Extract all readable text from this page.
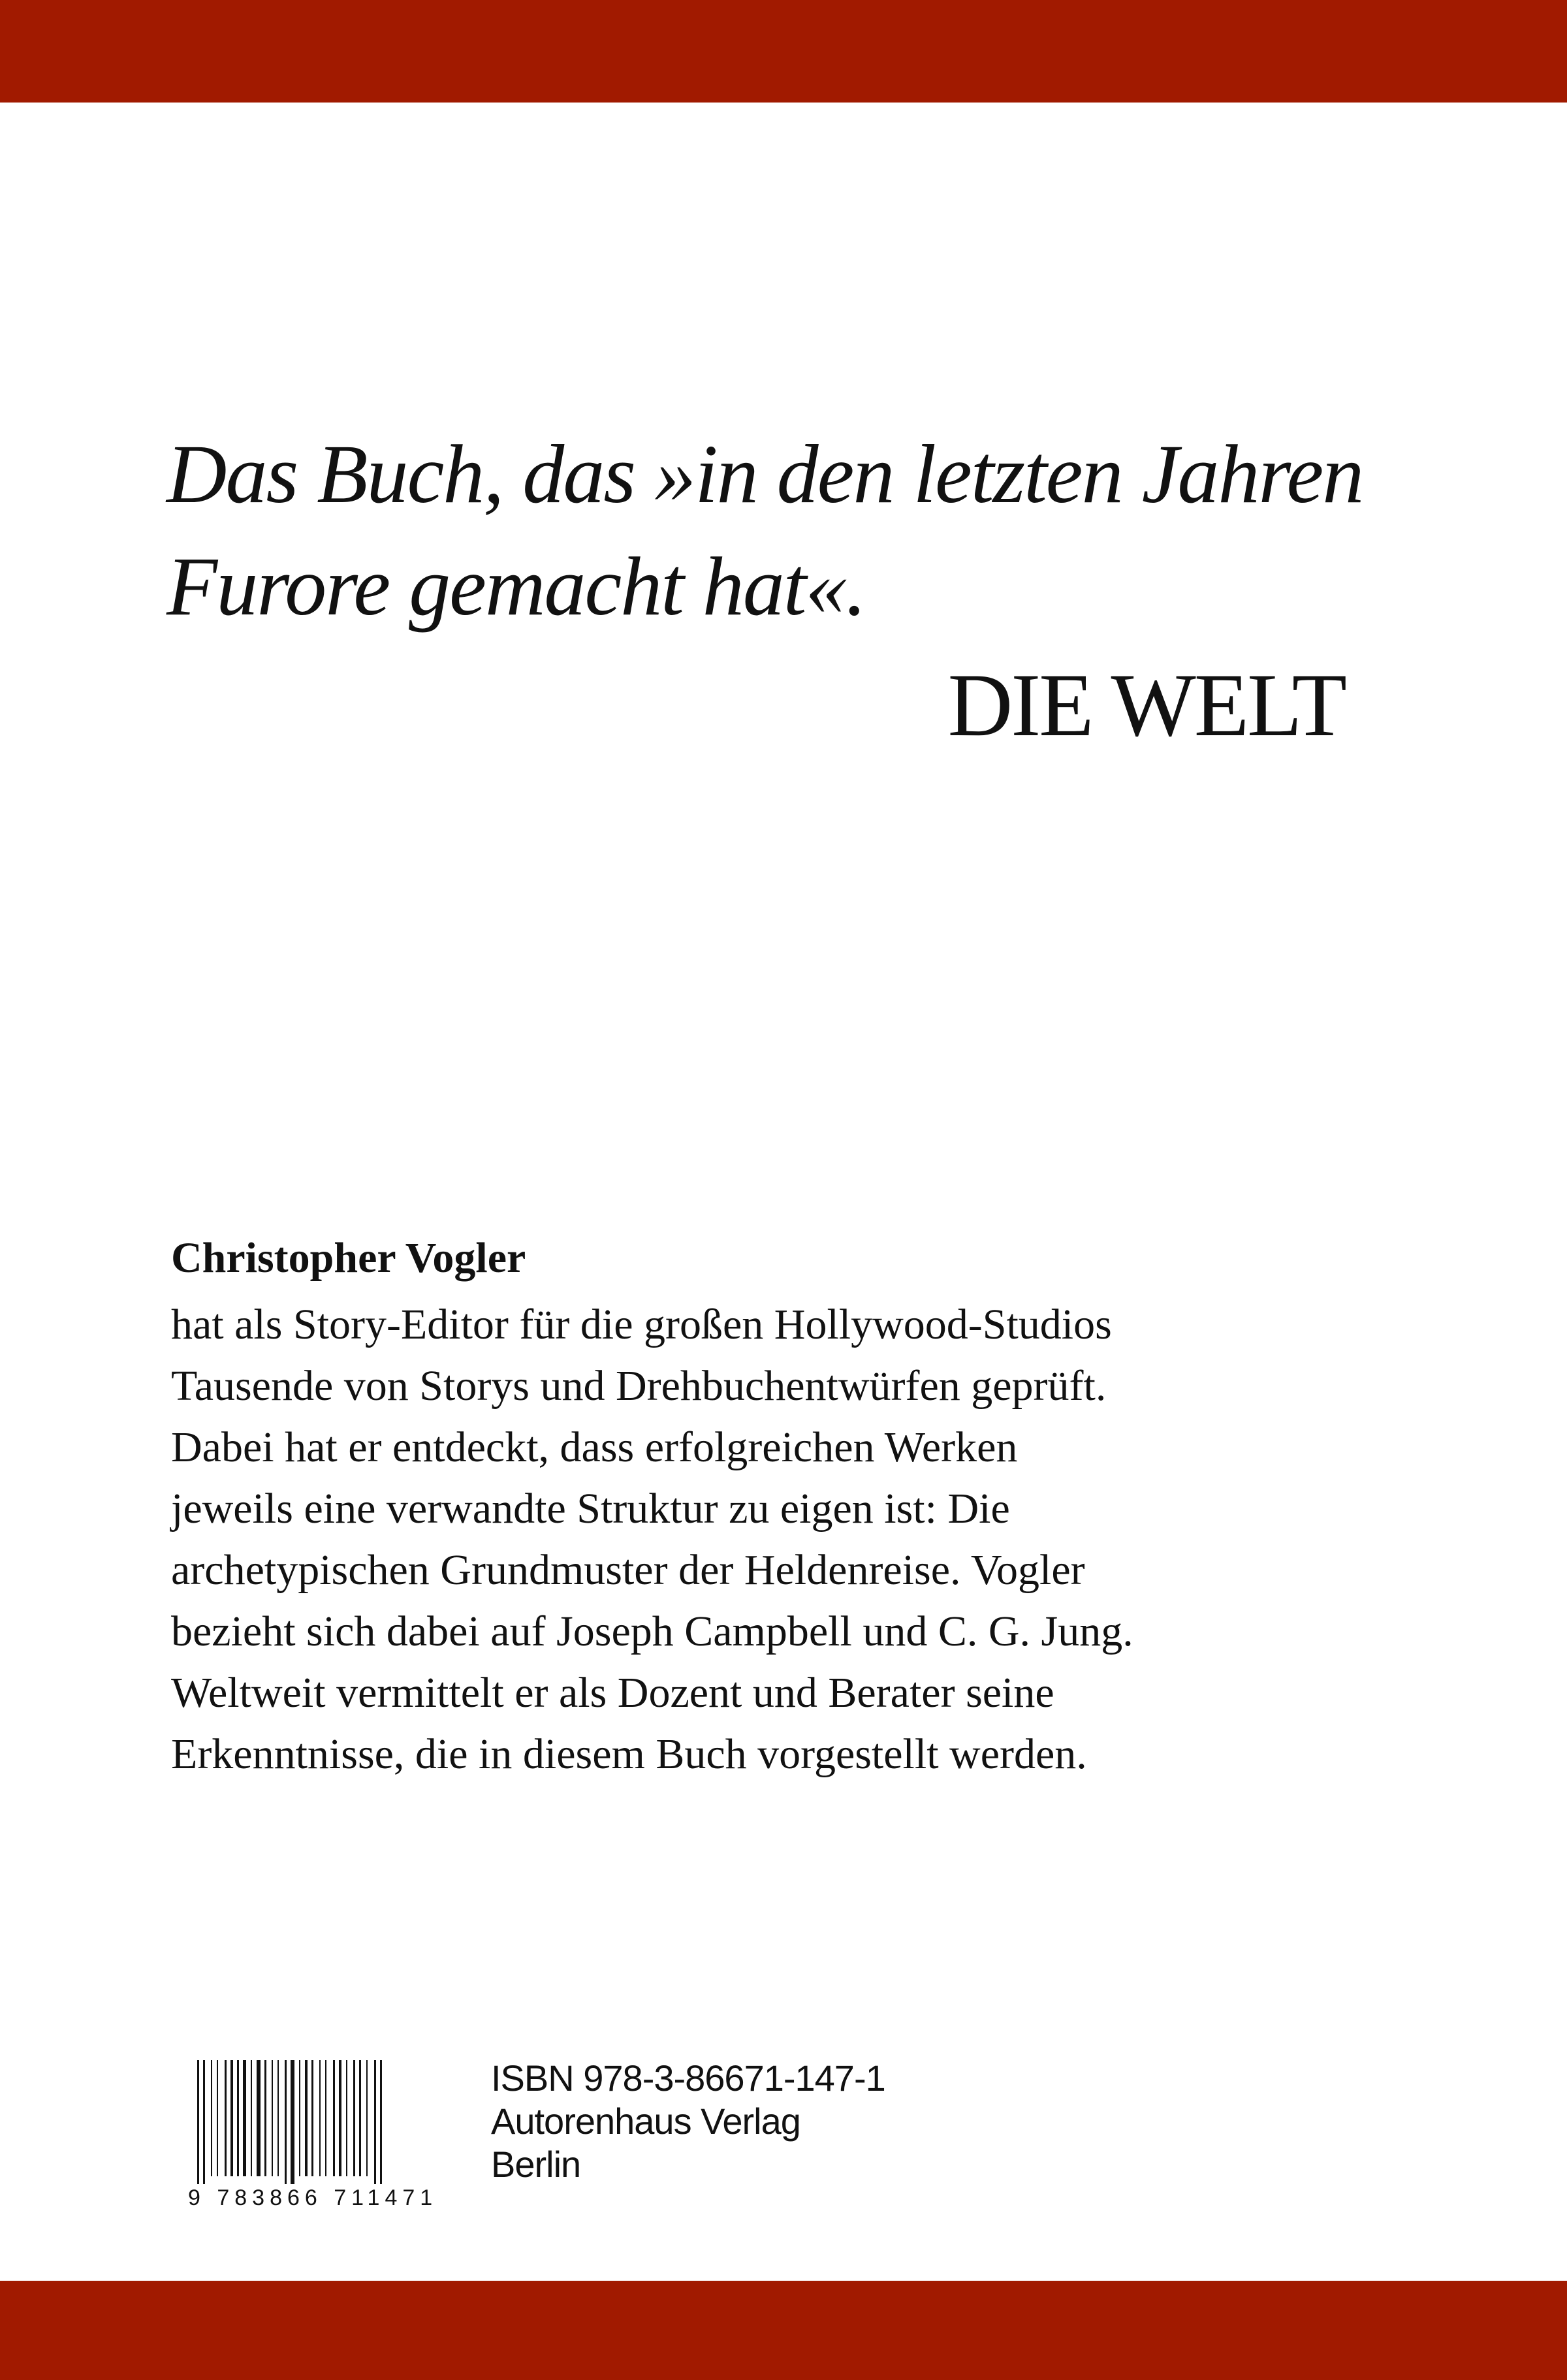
Das Buch, das »in den letzten Jahren
Furore gemacht hat«.
DIE WELT
Christopher Vogler
hat als Story-Editor für die großen Hollywood-Studios
Tausende von Storys und Drehbuchentwürfen geprüft.
Dabei hat er entdeckt, dass erfolgreichen Werken
jeweils eine verwandte Struktur zu eigen ist: Die
archetypischen Grundmuster der Heldenreise. Vogler
bezieht sich dabei auf Joseph Campbell und C. G. Jung.
Weltweit vermittelt er als Dozent und Berater seine
Erkenntnisse, die in diesem Buch vorgestellt werden.
9 783866 711471
ISBN 978-3-86671-147-1
Autorenhaus Verlag
Berlin
